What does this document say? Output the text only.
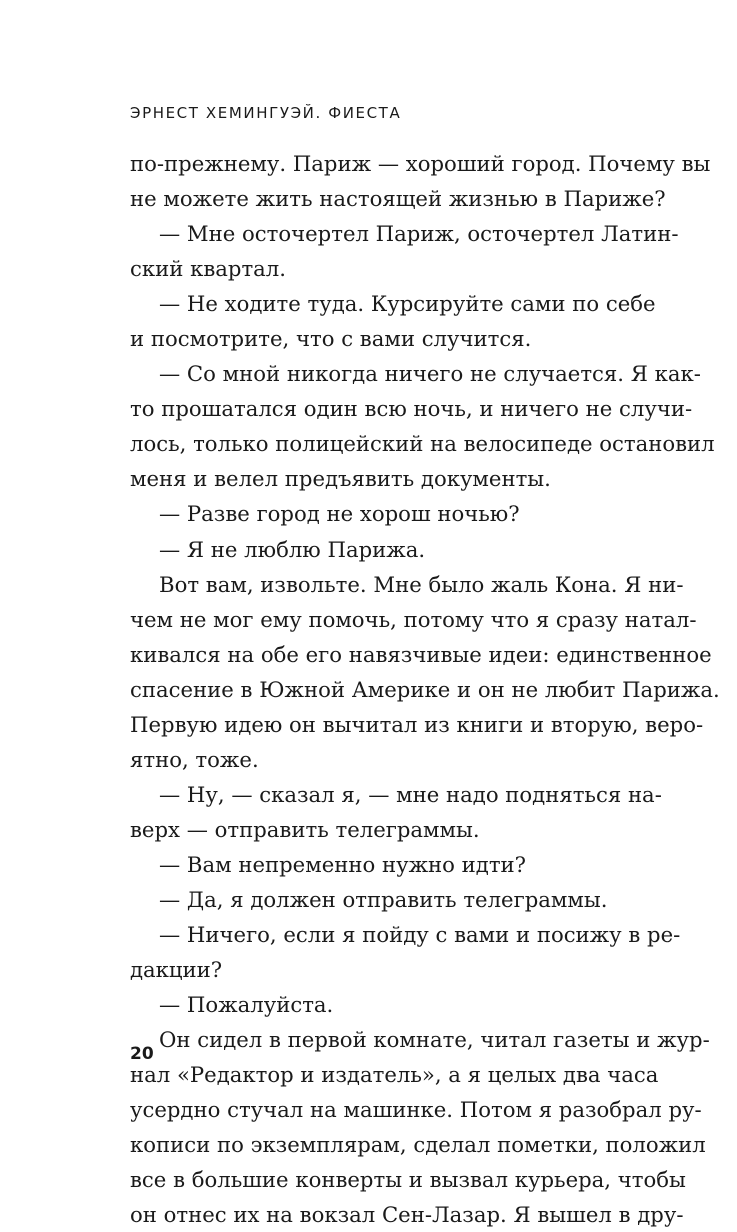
ЭРНЕСТ ХЕМИНГУЭЙ. ФИЕСТА
по-прежнему. Париж — хороший город. Почему вы
не можете жить настоящей жизнью в Париже?
— Мне осточертел Париж, осточертел Латин-
ский квартал.
— Не ходите туда. Курсируйте сами по себе
и посмотрите, что с вами случится.
— Со мной никогда ничего не случается. Я как-
то прошатался один всю ночь, и ничего не случи-
лось, только полицейский на велосипеде остановил
меня и велел предъявить документы.
— Разве город не хорош ночью?
— Я не люблю Парижа.
Вот вам, извольте. Мне было жаль Кона. Я ни-
чем не мог ему помочь, потому что я сразу натал-
кивался на обе его навязчивые идеи: единственное
спасение в Южной Америке и он не любит Парижа.
Первую идею он вычитал из книги и вторую, веро-
ятно, тоже.
— Ну, — сказал я, — мне надо подняться на-
верх — отправить телеграммы.
— Вам непременно нужно идти?
— Да, я должен отправить телеграммы.
— Ничего, если я пойду с вами и посижу в ре-
дакции?
— Пожалуйста.
Он сидел в первой комнате, читал газеты и жур-
нал «Редактор и издатель», а я целых два часа
усердно стучал на машинке. Потом я разобрал ру-
кописи по экземплярам, сделал пометки, положил
все в большие конверты и вызвал курьера, чтобы
он отнес их на вокзал Сен-Лазар. Я вышел в дру-
20
